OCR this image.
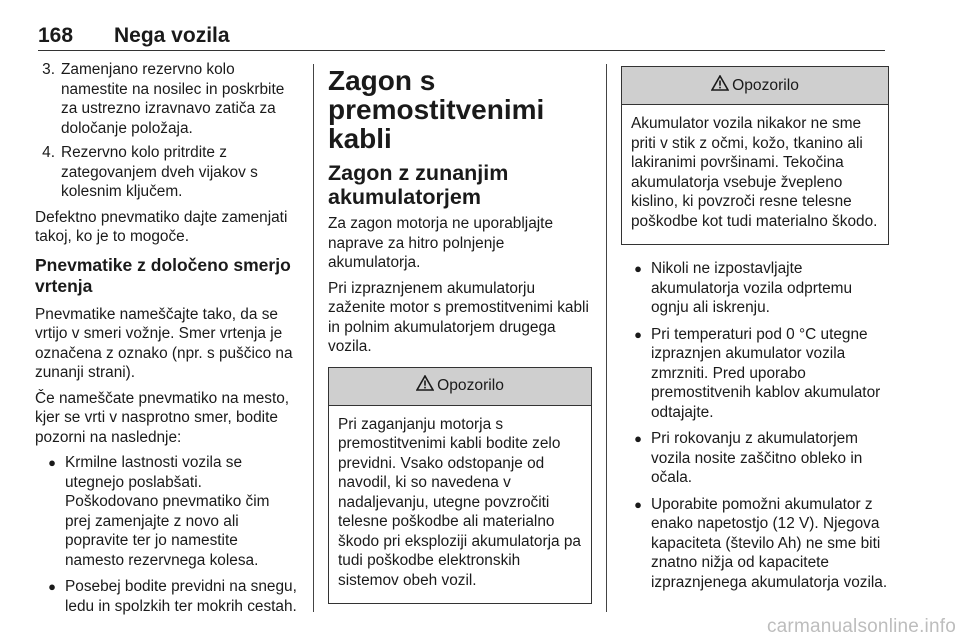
168 Nega vozila
3. Zamenjano rezervno kolo namestite na nosilec in poskrbite za ustrezno izravnavo zatiča za določanje položaja.
4. Rezervno kolo pritrdite z zategovanjem dveh vijakov s kolesnim ključem.

Defektno pnevmatiko dajte zamenjati takoj, ko je to mogoče.

Pnevmatike z določeno smerjo vrtenja

Pnevmatike nameščajte tako, da se vrtijo v smeri vožnje. Smer vrtenja je označena z oznako (npr. s puščico na zunanji strani).

Če nameščate pnevmatiko na mesto, kjer se vrti v nasprotno smer, bodite pozorni na naslednje:

● Krmilne lastnosti vozila se utegnejo poslabšati. Poškodovano pnevmatiko čim prej zamenjajte z novo ali popravite ter jo namestite namesto rezervnega kolesa.
● Posebej bodite previdni na snegu, ledu in spolzkih ter mokrih cestah.
Zagon s premostitvenimi kabli
Zagon z zunanjim akumulatorjem

Za zagon motorja ne uporabljajte naprave za hitro polnjenje akumulatorja.

Pri izpraznjenem akumulatorju zaženite motor s premostitvenimi kabli in polnim akumulatorjem drugega vozila.

Opozorilo
Pri zaganjanju motorja s premostitvenimi kabli bodite zelo previdni. Vsako odstopanje od navodil, ki so navedena v nadaljevanju, utegne povzročiti telesne poškodbe ali materialno škodo pri eksploziji akumulatorja pa tudi poškodbe elektronskih sistemov obeh vozil.
Opozorilo
Akumulator vozila nikakor ne sme priti v stik z očmi, kožo, tkanino ali lakiranimi površinami. Tekočina akumulatorja vsebuje žvepleno kislino, ki povzroči resne telesne poškodbe kot tudi materialno škodo.
● Nikoli ne izpostavljajte akumulatorja vozila odprtemu ognju ali iskrenju.
● Pri temperaturi pod 0 °C utegne izpraznjen akumulator vozila zmrzniti. Pred uporabo premostitvenih kablov akumulator odtajajte.
● Pri rokovanju z akumulatorjem vozila nosite zaščitno obleko in očala.
● Uporabite pomožni akumulator z enako napetostjo (12 V). Njegova kapaciteta (število Ah) ne sme biti znatno nižja od kapacitete izpraznjenega akumulatorja vozila.
carmanualsonline.info
